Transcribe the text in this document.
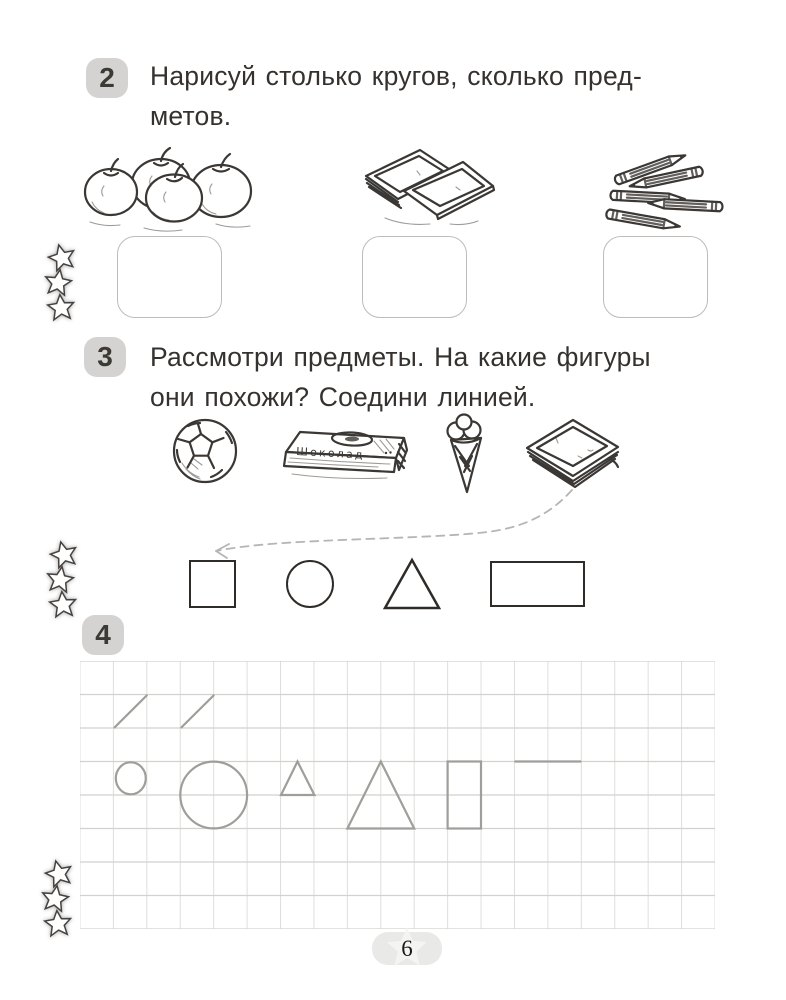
2 Нарисуй столько кругов, сколько пред-
метов.
3 Рассмотри предметы. На какие фигуры
они похожи? Соедини линией.
Шоколад
4
6
